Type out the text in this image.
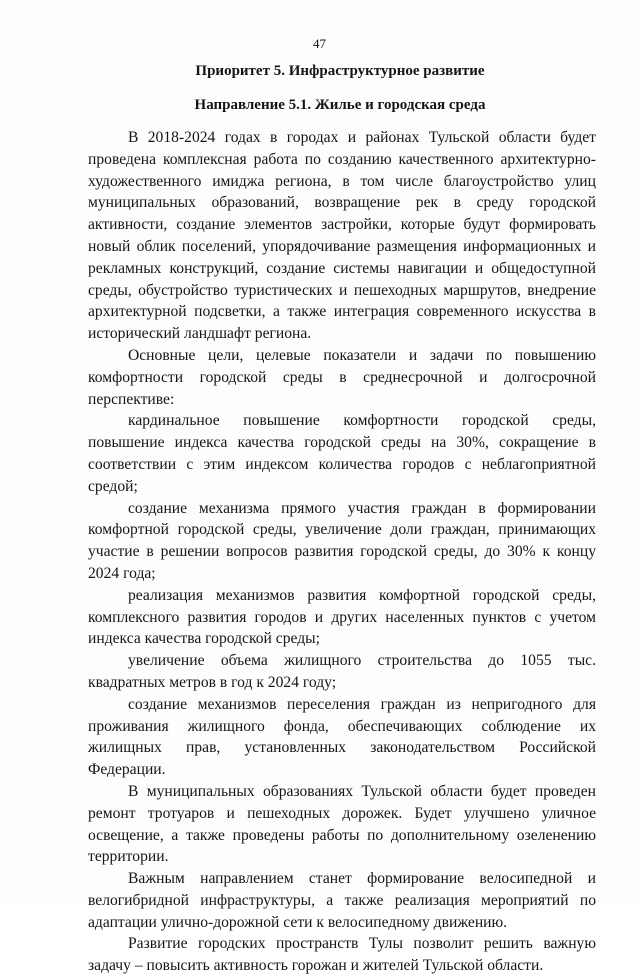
47
Приоритет 5. Инфраструктурное развитие
Направление 5.1. Жилье и городская среда

В 2018-2024 годах в городах и районах Тульской области будет проведена комплексная работа по созданию качественного архитектурно-художественного имиджа региона, в том числе благоустройство улиц муниципальных образований, возвращение рек в среду городской активности, создание элементов застройки, которые будут формировать новый облик поселений, упорядочивание размещения информационных и рекламных конструкций, создание системы навигации и общедоступной среды, обустройство туристических и пешеходных маршрутов, внедрение архитектурной подсветки, а также интеграция современного искусства в исторический ландшафт региона.

Основные цели, целевые показатели и задачи по повышению комфортности городской среды в среднесрочной и долгосрочной перспективе:

кардинальное повышение комфортности городской среды, повышение индекса качества городской среды на 30%, сокращение в соответствии с этим индексом количества городов с неблагоприятной средой;

создание механизма прямого участия граждан в формировании комфортной городской среды, увеличение доли граждан, принимающих участие в решении вопросов развития городской среды, до 30% к концу 2024 года;

реализация механизмов развития комфортной городской среды, комплексного развития городов и других населенных пунктов с учетом индекса качества городской среды;

увеличение объема жилищного строительства до 1055 тыс. квадратных метров в год к 2024 году;

создание механизмов переселения граждан из непригодного для проживания жилищного фонда, обеспечивающих соблюдение их жилищных прав, установленных законодательством Российской Федерации.

В муниципальных образованиях Тульской области будет проведен ремонт тротуаров и пешеходных дорожек. Будет улучшено уличное освещение, а также проведены работы по дополнительному озеленению территории.

Важным направлением станет формирование велосипедной и велогибридной инфраструктуры, а также реализация мероприятий по адаптации улично-дорожной сети к велосипедному движению.

Развитие городских пространств Тулы позволит решить важную задачу – повысить активность горожан и жителей Тульской области.
